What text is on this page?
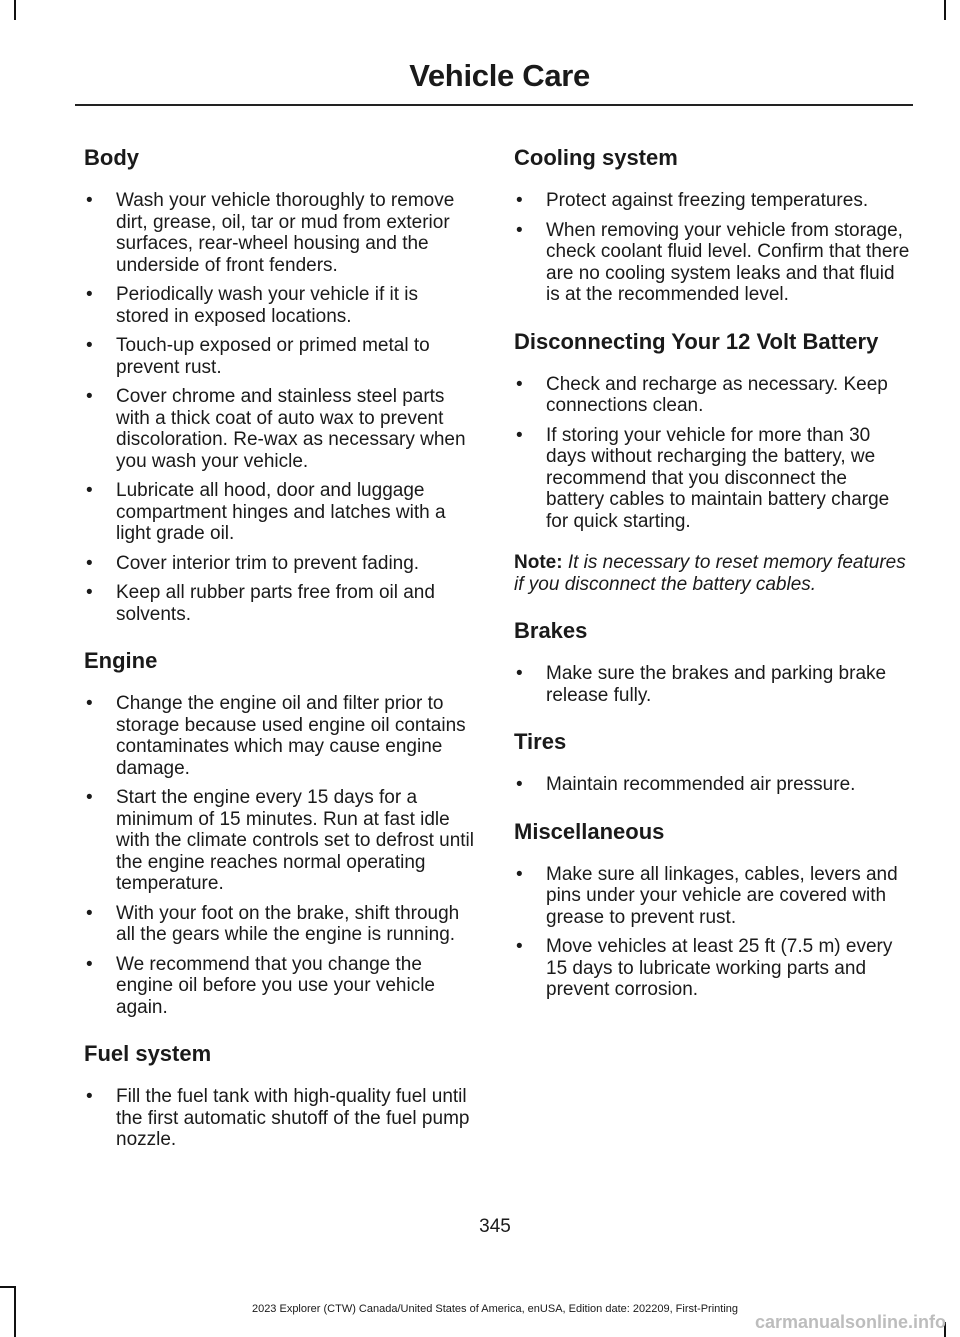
Vehicle Care
Body
• Wash your vehicle thoroughly to remove dirt, grease, oil, tar or mud from exterior surfaces, rear-wheel housing and the underside of front fenders.
• Periodically wash your vehicle if it is stored in exposed locations.
• Touch-up exposed or primed metal to prevent rust.
• Cover chrome and stainless steel parts with a thick coat of auto wax to prevent discoloration. Re-wax as necessary when you wash your vehicle.
• Lubricate all hood, door and luggage compartment hinges and latches with a light grade oil.
• Cover interior trim to prevent fading.
• Keep all rubber parts free from oil and solvents.
Engine
• Change the engine oil and filter prior to storage because used engine oil contains contaminates which may cause engine damage.
• Start the engine every 15 days for a minimum of 15 minutes. Run at fast idle with the climate controls set to defrost until the engine reaches normal operating temperature.
• With your foot on the brake, shift through all the gears while the engine is running.
• We recommend that you change the engine oil before you use your vehicle again.
Fuel system
• Fill the fuel tank with high-quality fuel until the first automatic shutoff of the fuel pump nozzle.
Cooling system
• Protect against freezing temperatures.
• When removing your vehicle from storage, check coolant fluid level. Confirm that there are no cooling system leaks and that fluid is at the recommended level.
Disconnecting Your 12 Volt Battery
• Check and recharge as necessary. Keep connections clean.
• If storing your vehicle for more than 30 days without recharging the battery, we recommend that you disconnect the battery cables to maintain battery charge for quick starting.

Note: It is necessary to reset memory features if you disconnect the battery cables.

Brakes
• Make sure the brakes and parking brake release fully.
Tires
• Maintain recommended air pressure.
Miscellaneous
• Make sure all linkages, cables, levers and pins under your vehicle are covered with grease to prevent rust.
• Move vehicles at least 25 ft (7.5 m) every 15 days to lubricate working parts and prevent corrosion.
345
2023 Explorer (CTW) Canada/United States of America, enUSA, Edition date: 202209, First-Printing
carmanualsonline.info
